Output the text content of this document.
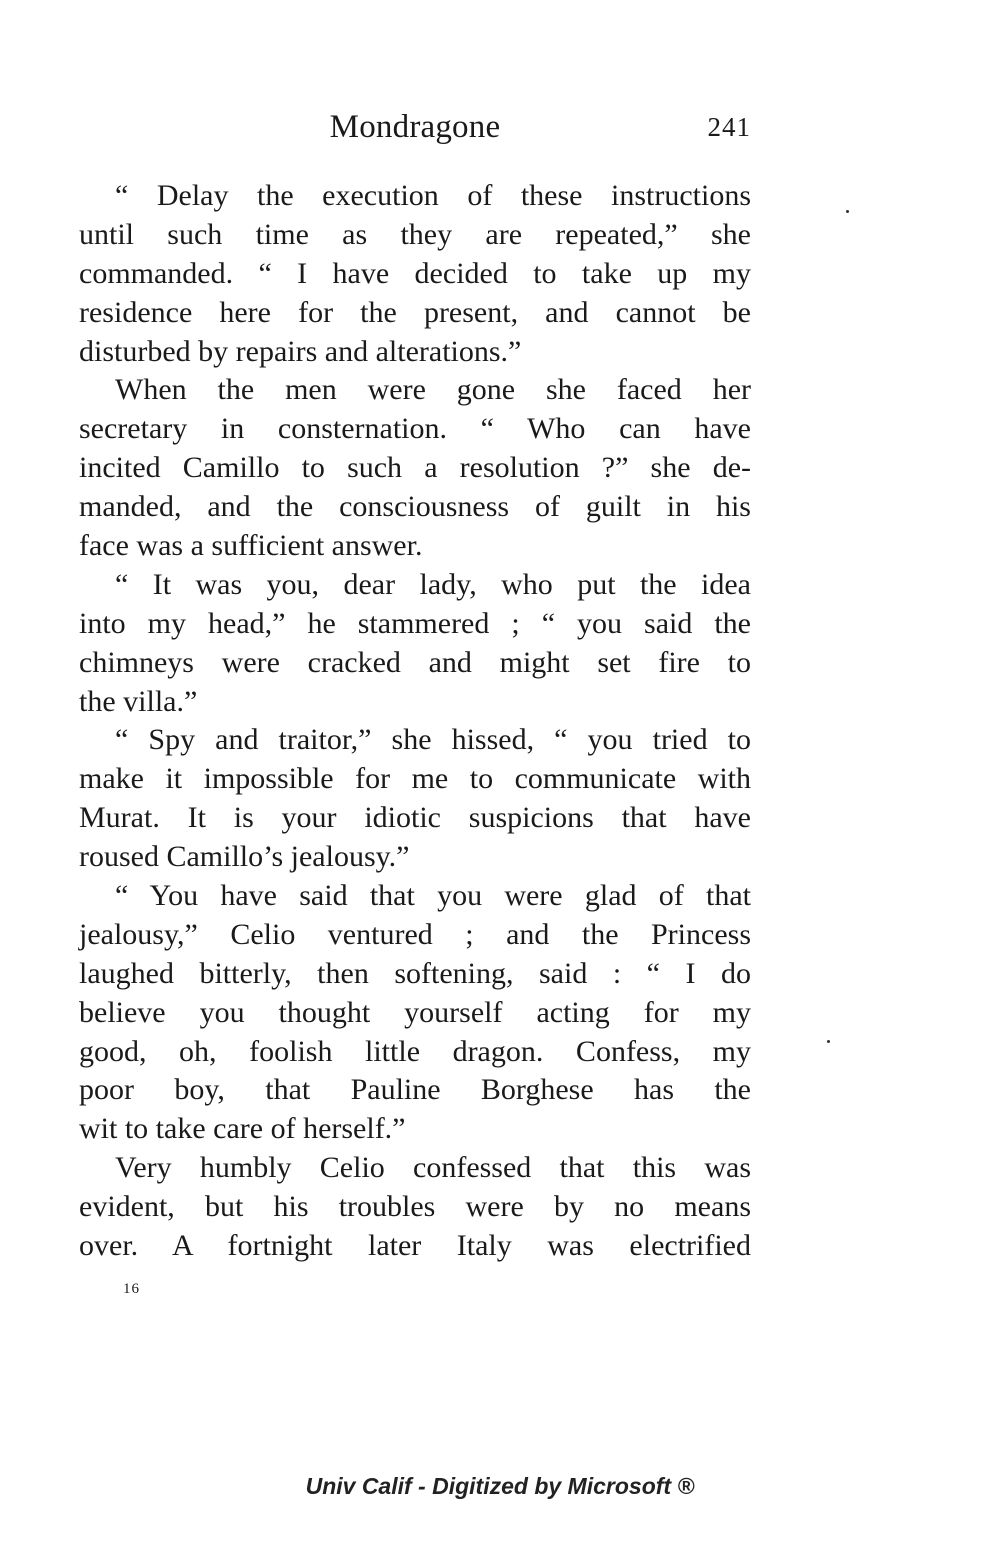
Mondragone	241
“ Delay the execution of these instructions
until such time as they are repeated,” she
commanded. “ I have decided to take up my
residence here for the present, and cannot be
disturbed by repairs and alterations.”
When the men were gone she faced her
secretary in consternation. “ Who can have
incited Camillo to such a resolution ?” she de-
manded, and the consciousness of guilt in his
face was a sufficient answer.
“ It was you, dear lady, who put the idea
into my head,” he stammered ; “ you said the
chimneys were cracked and might set fire to
the villa.”
“ Spy and traitor,” she hissed, “ you tried to
make it impossible for me to communicate with
Murat. It is your idiotic suspicions that have
roused Camillo’s jealousy.”
“ You have said that you were glad of that
jealousy,” Celio ventured ; and the Princess
laughed bitterly, then softening, said : “ I do
believe you thought yourself acting for my
good, oh, foolish little dragon. Confess, my
poor boy, that Pauline Borghese has the
wit to take care of herself.”
Very humbly Celio confessed that this was
evident, but his troubles were by no means
over. A fortnight later Italy was electrified
16
Univ Calif - Digitized by Microsoft ®
